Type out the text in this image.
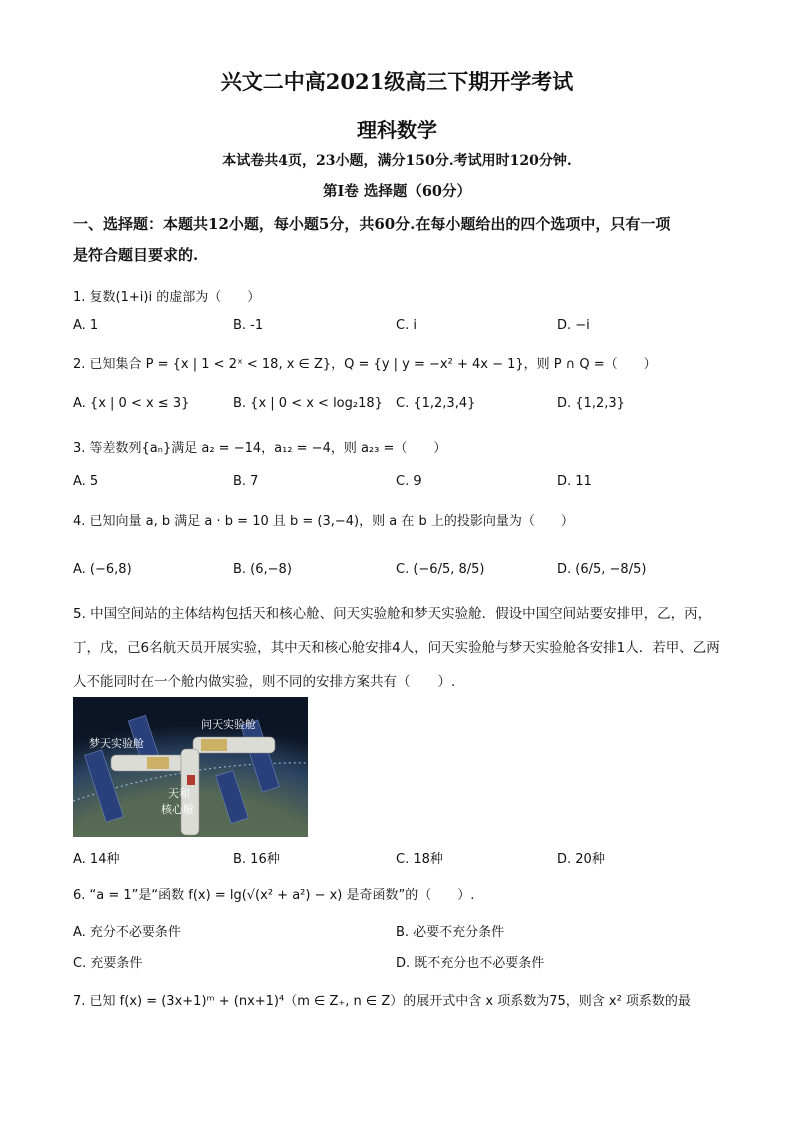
兴文二中高2021级高三下期开学考试
理科数学
本试卷共4页，23小题，满分150分.考试用时120分钟.
第I卷 选择题（60分）
一、选择题：本题共12小题，每小题5分，共60分.在每小题给出的四个选项中，只有一项
是符合题目要求的.
1. 复数(1+i)i 的虚部为（　　）
A. 1	B. -1	C. i	D. −i
2. 已知集合 P = {x | 1 < 2ˣ < 18, x ∈ Z}，Q = {y | y = −x² + 4x − 1}，则 P ∩ Q =（　　）
A. {x | 0 < x ≤ 3}	B. {x | 0 < x < log₂18} C. {1,2,3,4}	D. {1,2,3}
3. 等差数列{aₙ}满足 a₂ = −14，a₁₂ = −4，则 a₂₃ =（　　）
A. 5	B. 7	C. 9	D. 11
4. 已知向量 a, b 满足 a · b = 10 且 b = (3,−4)，则 a 在 b 上的投影向量为（　　）
A. (−6,8)	B. (6,−8)	C. (−6/5, 8/5)	D. (6/5, −8/5)
5. 中国空间站的主体结构包括天和核心舱、问天实验舱和梦天实验舱．假设中国空间站要安排甲，乙，丙，丁，戊，己6名航天员开展实验，其中天和核心舱安排4人，问天实验舱与梦天实验舱各安排1人．若甲、乙两人不能同时在一个舱内做实验，则不同的安排方案共有（　　）.
问天实验舱
梦天实验舱
天和
核心舱
A. 14种	B. 16种	C. 18种	D. 20种
6. “a = 1”是“函数 f(x) = lg(√(x² + a²) − x) 是奇函数”的（　　）.
A. 充分不必要条件	B. 必要不充分条件
C. 充要条件	D. 既不充分也不必要条件
7. 已知 f(x) = (3x+1)ᵐ + (nx+1)⁴（m ∈ Z₊, n ∈ Z）的展开式中含 x 项系数为75，则含 x² 项系数的最
